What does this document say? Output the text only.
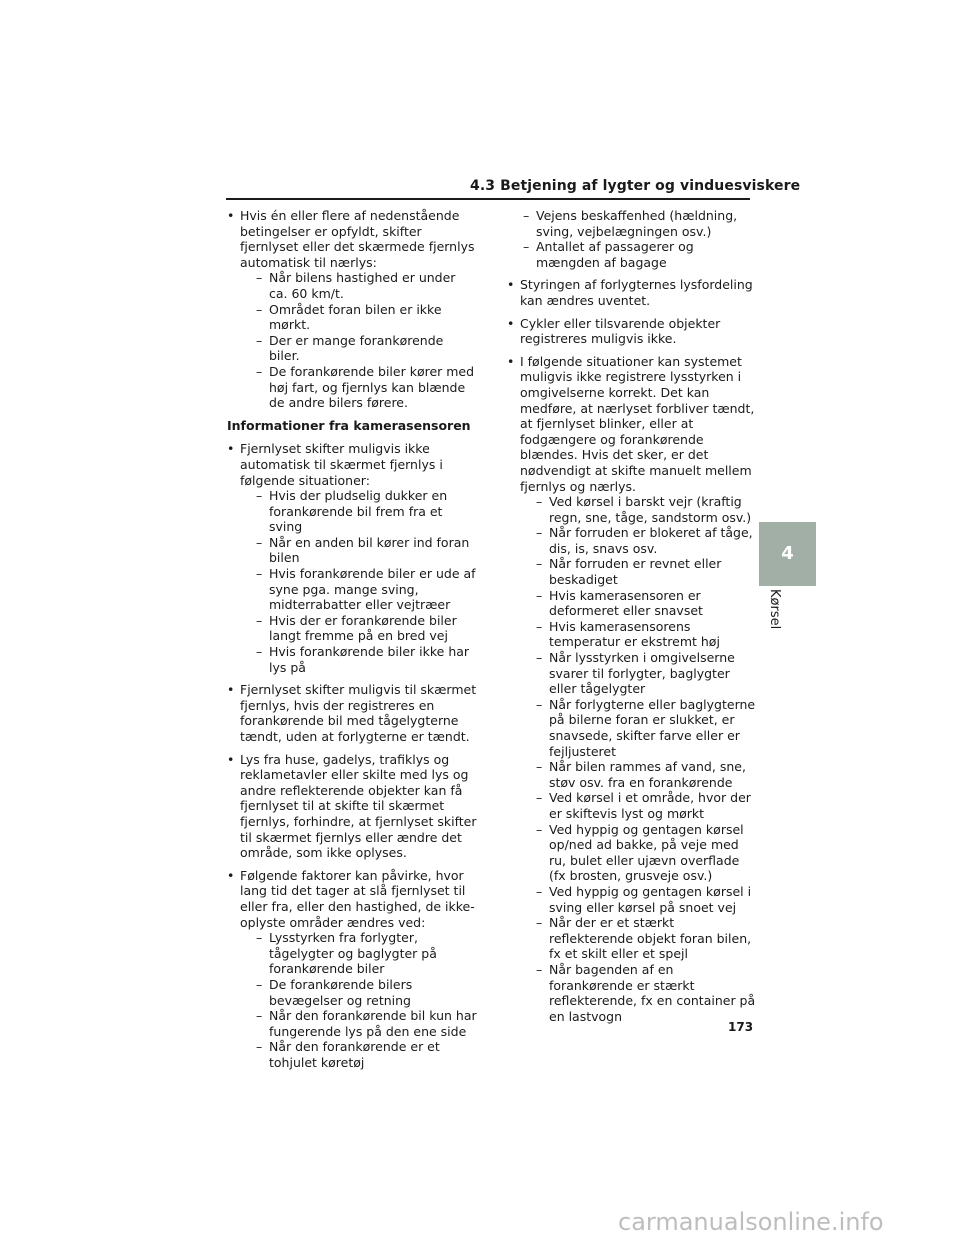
4.3 Betjening af lygter og vinduesviskere
• Hvis én eller flere af nedenstående betingelser er opfyldt, skifter fjernlyset eller det skærmede fjernlys automatisk til nærlys:
– Når bilens hastighed er under ca. 60 km/t.
– Området foran bilen er ikke mørkt.
– Der er mange forankørende biler.
– De forankørende biler kører med høj fart, og fjernlys kan blænde de andre bilers førere.
Informationer fra kamerasensoren
• Fjernlyset skifter muligvis ikke automatisk til skærmet fjernlys i følgende situationer:
– Hvis der pludselig dukker en forankørende bil frem fra et sving
– Når en anden bil kører ind foran bilen
– Hvis forankørende biler er ude af syne pga. mange sving, midterrabatter eller vejtræer
– Hvis der er forankørende biler langt fremme på en bred vej
– Hvis forankørende biler ikke har lys på
• Fjernlyset skifter muligvis til skærmet fjernlys, hvis der registreres en forankørende bil med tågelygterne tændt, uden at forlygterne er tændt.
• Lys fra huse, gadelys, trafiklys og reklametavler eller skilte med lys og andre reflekterende objekter kan få fjernlyset til at skifte til skærmet fjernlys, forhindre, at fjernlyset skifter til skærmet fjernlys eller ændre det område, som ikke oplyses.
• Følgende faktorer kan påvirke, hvor lang tid det tager at slå fjernlyset til eller fra, eller den hastighed, de ikke-oplyste områder ændres ved:
– Lysstyrken fra forlygter, tågelygter og baglygter på forankørende biler
– De forankørende bilers bevægelser og retning
– Når den forankørende bil kun har fungerende lys på den ene side
– Når den forankørende er et tohjulet køretøj
– Vejens beskaffenhed (hældning, sving, vejbelægningen osv.)
– Antallet af passagerer og mængden af bagage
• Styringen af forlygternes lysfordeling kan ændres uventet.
• Cykler eller tilsvarende objekter registreres muligvis ikke.
• I følgende situationer kan systemet muligvis ikke registrere lysstyrken i omgivelserne korrekt. Det kan medføre, at nærlyset forbliver tændt, at fjernlyset blinker, eller at fodgængere og forankørende blændes. Hvis det sker, er det nødvendigt at skifte manuelt mellem fjernlys og nærlys.
– Ved kørsel i barskt vejr (kraftig regn, sne, tåge, sandstorm osv.)
– Når forruden er blokeret af tåge, dis, is, snavs osv.
– Når forruden er revnet eller beskadiget
– Hvis kamerasensoren er deformeret eller snavset
– Hvis kamerasensorens temperatur er ekstremt høj
– Når lysstyrken i omgivelserne svarer til forlygter, baglygter eller tågelygter
– Når forlygterne eller baglygterne på bilerne foran er slukket, er snavsede, skifter farve eller er fejljusteret
– Når bilen rammes af vand, sne, støv osv. fra en forankørende
– Ved kørsel i et område, hvor der er skiftevis lyst og mørkt
– Ved hyppig og gentagen kørsel op/ned ad bakke, på veje med ru, bulet eller ujævn overflade (fx brosten, grusveje osv.)
– Ved hyppig og gentagen kørsel i sving eller kørsel på snoet vej
– Når der er et stærkt reflekterende objekt foran bilen, fx et skilt eller et spejl
– Når bagenden af en forankørende er stærkt reflekterende, fx en container på en lastvogn
4
Kørsel
173
carmanualsonline.info
